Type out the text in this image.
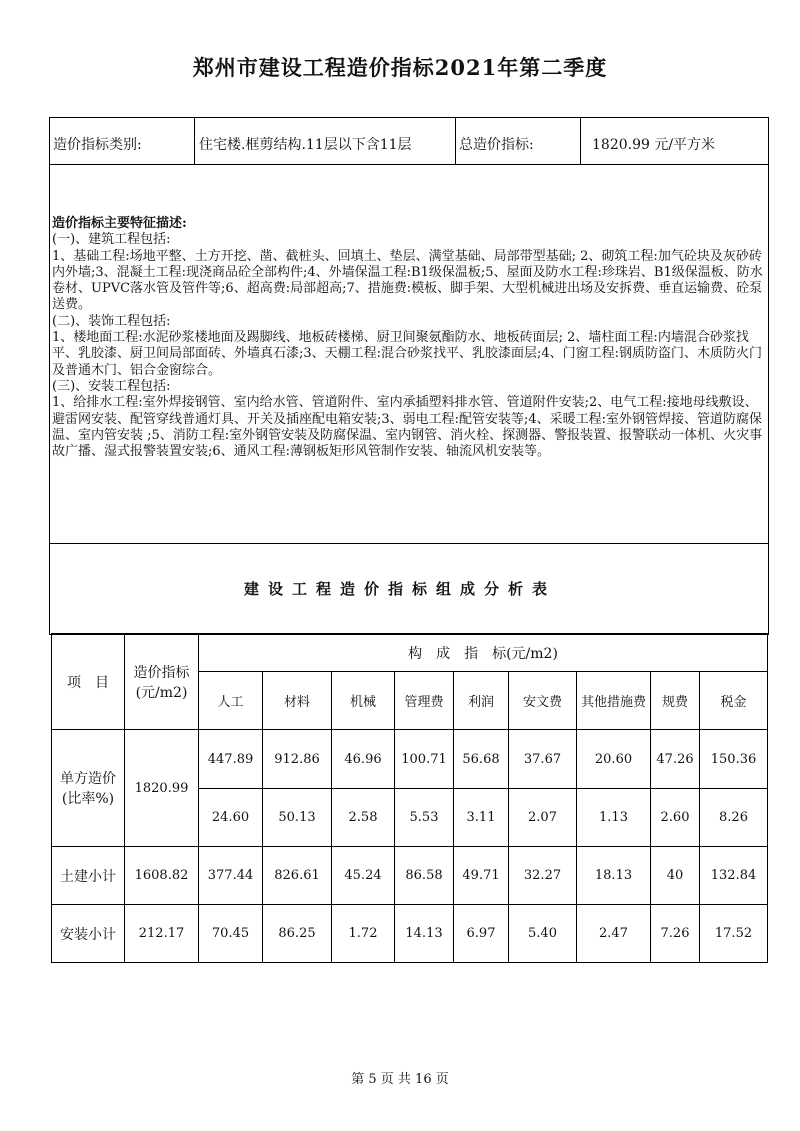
郑州市建设工程造价指标2021年第二季度
造价指标类别:	住宅楼.框剪结构.11层以下含11层	总造价指标:	1820.99 元/平方米

造价指标主要特征描述:

(一)、建筑工程包括:

1、基础工程:场地平整、土方开挖、凿、截桩头、回填土、垫层、满堂基础、局部带型基础; 2、砌筑工程:加气砼块及灰砂砖内外墙;3、混凝土工程:现浇商品砼全部构件;4、外墙保温工程:B1级保温板;5、屋面及防水工程:珍珠岩、B1级保温板、防水卷材、UPVC落水管及管件等;6、超高费:局部超高;7、措施费:模板、脚手架、大型机械进出场及安拆费、垂直运输费、砼泵送费。

(二)、装饰工程包括:

1、楼地面工程:水泥砂浆楼地面及踢脚线、地板砖楼梯、厨卫间聚氨酯防水、地板砖面层; 2、墙柱面工程:内墙混合砂浆找平、乳胶漆、厨卫间局部面砖、外墙真石漆;3、天棚工程:混合砂浆找平、乳胶漆面层;4、门窗工程:钢质防盗门、木质防火门及普通木门、铝合金窗综合。

(三)、安装工程包括:

1、给排水工程:室外焊接钢管、室内给水管、管道附件、室内承插塑料排水管、管道附件安装;2、电气工程:接地母线敷设、避雷网安装、配管穿线普通灯具、开关及插座配电箱安装;3、弱电工程:配管安装等;4、采暖工程:室外钢管焊接、管道防腐保温、室内管安装 ;5、消防工程:室外钢管安装及防腐保温、室内钢管、消火栓、探测器、警报装置、报警联动一体机、火灾事故广播、湿式报警装置安装;6、通风工程:薄钢板矩形风管制作安装、轴流风机安装等。

建设工程造价指标组成分析表
项　目	造价指标(元/m2)	构　成　指　标(元/m2)								
		人工	材料	机械	管理费	利润	安文费	其他措施费	规费	税金
单方造价(比率%)	1820.99	447.89	912.86	46.96	100.71	56.68	37.67	20.60	47.26	150.36
		24.60	50.13	2.58	5.53	3.11	2.07	1.13	2.60	8.26
土建小计	1608.82	377.44	826.61	45.24	86.58	49.71	32.27	18.13	40	132.84
安装小计	212.17	70.45	86.25	1.72	14.13	6.97	5.40	2.47	7.26	17.52
第 5 页 共 16 页
